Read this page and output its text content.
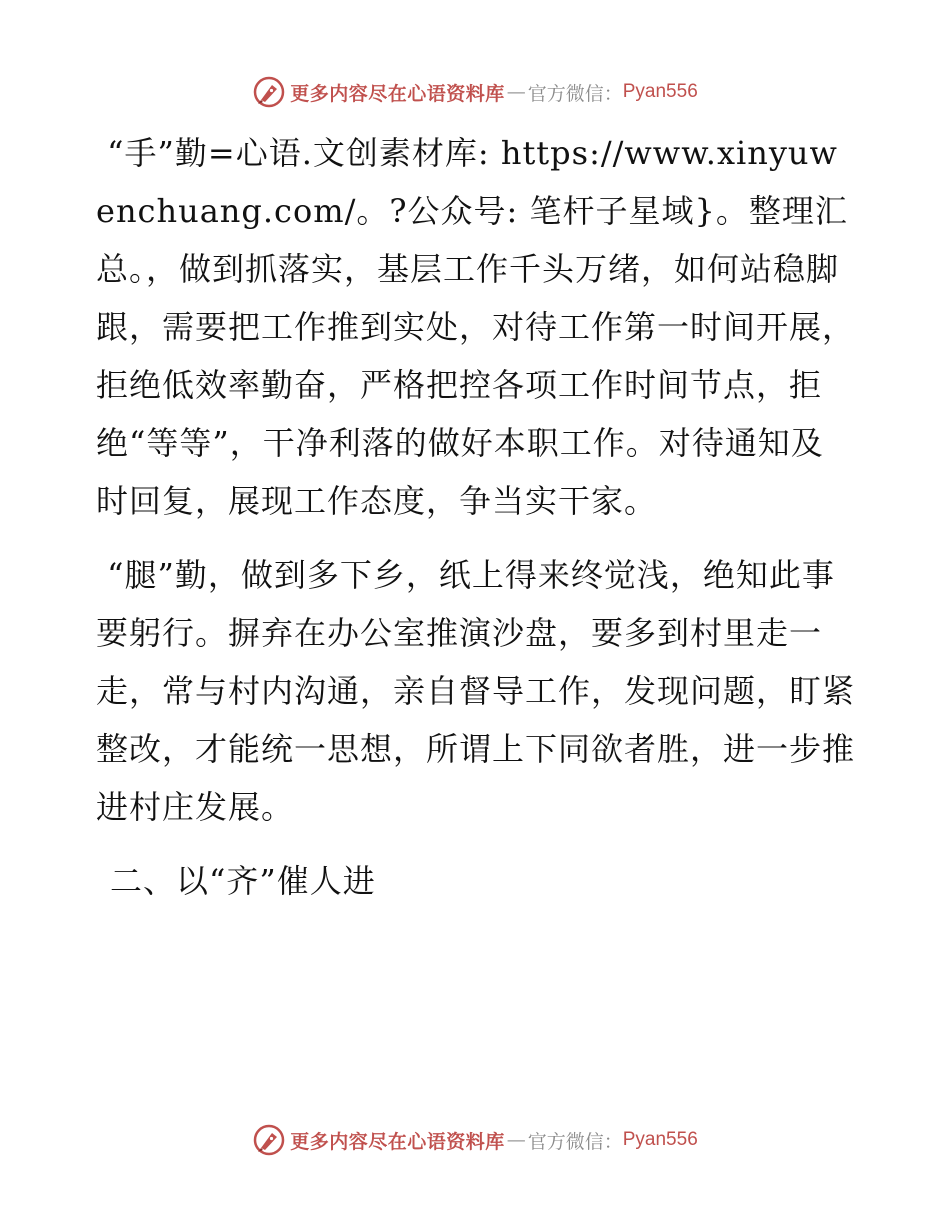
更多内容尽在心语资料库 — 官方微信： Pyan556

“手”勤=心语.文创素材库: https://www.xinyuwenchuang.com/。?公众号: 笔杆子星域}。整理汇总。，做到抓落实，基层工作千头万绪，如何站稳脚跟，需要把工作推到实处，对待工作第一时间开展，拒绝低效率勤奋，严格把控各项工作时间节点，拒绝“等等”，干净利落的做好本职工作。对待通知及时回复，展现工作态度，争当实干家。

“腿”勤，做到多下乡，纸上得来终觉浅，绝知此事要躬行。摒弃在办公室推演沙盘，要多到村里走一走，常与村内沟通，亲自督导工作，发现问题，盯紧整改，才能统一思想，所谓上下同欲者胜，进一步推进村庄发展。

二、以“齐”催人进

更多内容尽在心语资料库 — 官方微信： Pyan556
